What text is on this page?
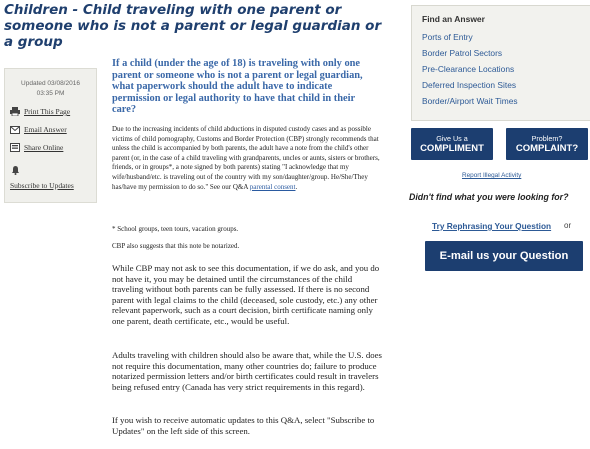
Children - Child traveling with one parent or someone who is not a parent or legal guardian or a group
Updated 03/08/2016
03:35 PM
Print This Page
Email Answer
Share Online
Subscribe to Updates

If a child (under the age of 18) is traveling with only one parent or someone who is not a parent or legal guardian, what paperwork should the adult have to indicate permission or legal authority to have that child in their care?

Due to the increasing incidents of child abductions in disputed custody cases and as possible victims of child pornography, Customs and Border Protection (CBP) strongly recommends that unless the child is accompanied by both parents, the adult have a note from the child's other parent (or, in the case of a child traveling with grandparents, uncles or aunts, sisters or brothers, friends, or in groups*, a note signed by both parents) stating "I acknowledge that my wife/husband/etc. is traveling out of the country with my son/daughter/group. He/She/They has/have my permission to do so." See our Q&A parental consent.

* School groups, teen tours, vacation groups.

CBP also suggests that this note be notarized.

While CBP may not ask to see this documentation, if we do ask, and you do not have it, you may be detained until the circumstances of the child traveling without both parents can be fully assessed. If there is no second parent with legal claims to the child (deceased, sole custody, etc.) any other relevant paperwork, such as a court decision, birth certificate naming only one parent, death certificate, etc., would be useful.

Adults traveling with children should also be aware that, while the U.S. does not require this documentation, many other countries do; failure to produce notarized permission letters and/or birth certificates could result in travelers being refused entry (Canada has very strict requirements in this regard).

If you wish to receive automatic updates to this Q&A, select "Subscribe to Updates" on the left side of this screen.

Find an Answer
Ports of Entry
Border Patrol Sectors
Pre-Clearance Locations
Deferred Inspection Sites
Border/Airport Wait Times
Give Us a
COMPLIMENT
Problem?
COMPLAINT?
Report Illegal Activity
Didn't find what you were looking for?
Try Rephrasing Your Question or
E-mail us your Question
